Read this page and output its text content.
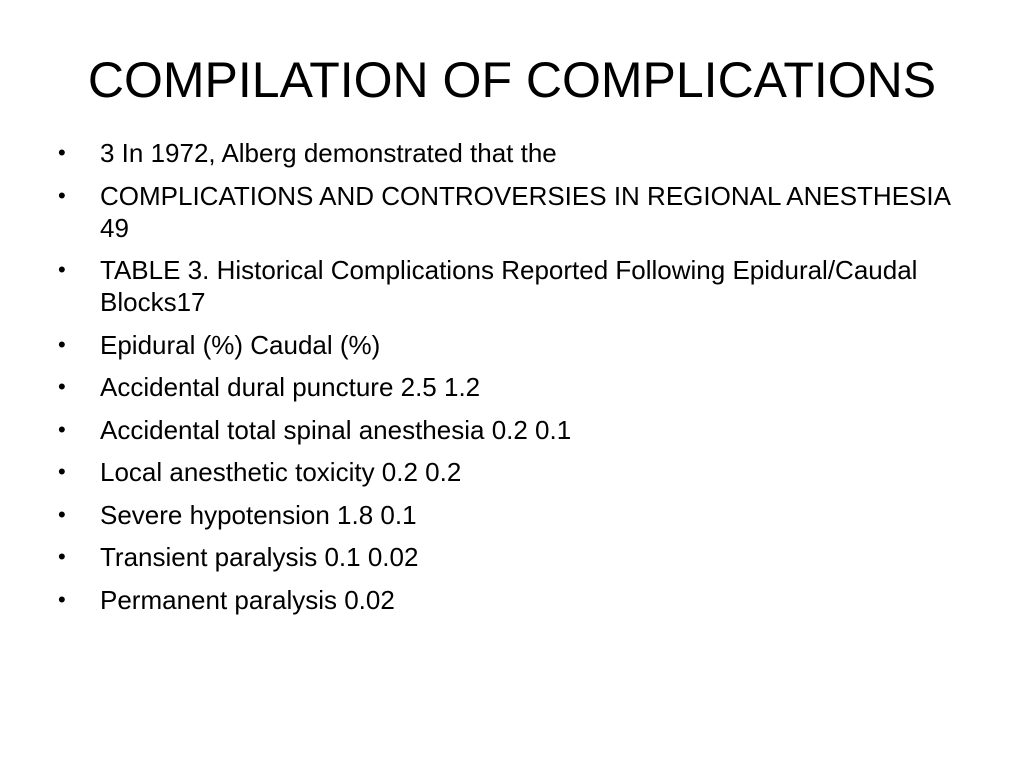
COMPILATION OF COMPLICATIONS
•	3 In 1972, Alberg demonstrated that the
•	COMPLICATIONS AND CONTROVERSIES IN REGIONAL ANESTHESIA 49
•	TABLE 3. Historical Complications Reported Following Epidural/Caudal Blocks17
•	Epidural (%) Caudal (%)
•	Accidental dural puncture 2.5 1.2
•	Accidental total spinal anesthesia 0.2 0.1
•	Local anesthetic toxicity 0.2 0.2
•	Severe hypotension 1.8 0.1
•	Transient paralysis 0.1 0.02
•	Permanent paralysis 0.02
